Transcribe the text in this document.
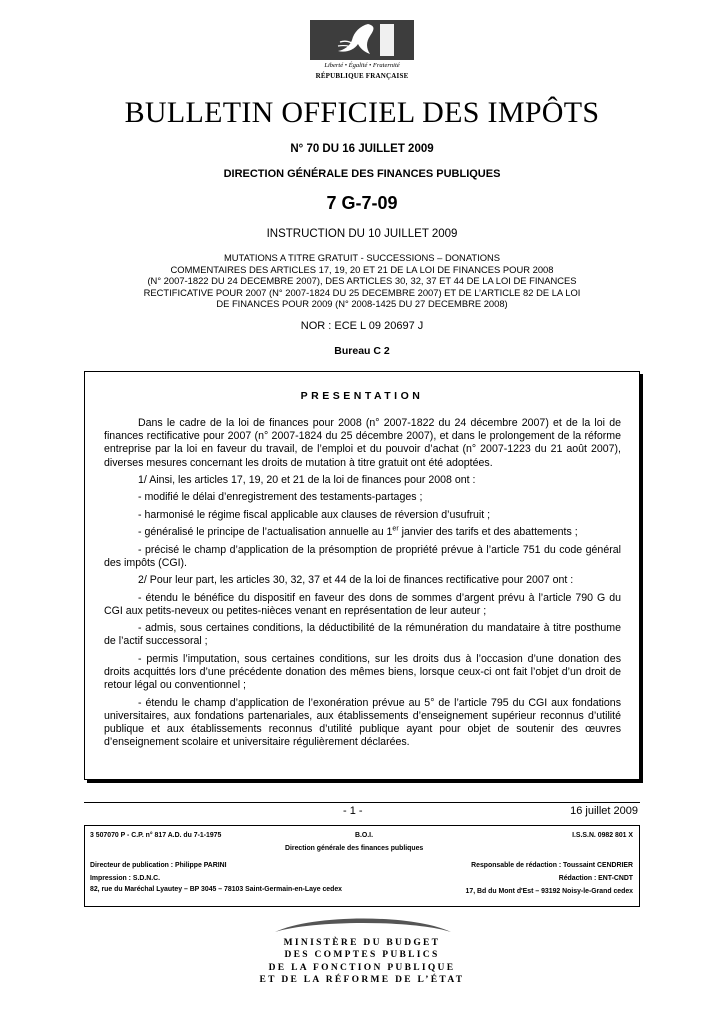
Liberté • Égalité • Fraternité
RÉPUBLIQUE FRANÇAISE
BULLETIN OFFICIEL DES IMPÔTS
N° 70 DU 16 JUILLET 2009
DIRECTION GÉNÉRALE DES FINANCES PUBLIQUES
7 G-7-09
INSTRUCTION DU 10 JUILLET 2009
MUTATIONS A TITRE GRATUIT - SUCCESSIONS – DONATIONS
COMMENTAIRES DES ARTICLES 17, 19, 20 ET 21 DE LA LOI DE FINANCES POUR 2008
(N° 2007-1822 DU 24 DECEMBRE 2007), DES ARTICLES 30, 32, 37 ET 44 DE LA LOI DE FINANCES
RECTIFICATIVE POUR 2007 (N° 2007-1824 DU 25 DECEMBRE 2007) ET DE L’ARTICLE 82 DE LA LOI
DE FINANCES POUR 2009 (N° 2008-1425 DU 27 DECEMBRE 2008)
NOR : ECE L 09 20697 J
Bureau C 2
PRESENTATION

Dans le cadre de la loi de finances pour 2008 (n° 2007-1822 du 24 décembre 2007) et de la loi de finances rectificative pour 2007 (n° 2007-1824 du 25 décembre 2007), et dans le prolongement de la réforme entreprise par la loi en faveur du travail, de l’emploi et du pouvoir d’achat (n° 2007-1223 du 21 août 2007), diverses mesures concernant les droits de mutation à titre gratuit ont été adoptées.

1/ Ainsi, les articles 17, 19, 20 et 21 de la loi de finances pour 2008 ont :

- modifié le délai d’enregistrement des testaments-partages ;

- harmonisé le régime fiscal applicable aux clauses de réversion d’usufruit ;

- généralisé le principe de l’actualisation annuelle au 1er janvier des tarifs et des abattements ;

- précisé le champ d’application de la présomption de propriété prévue à l’article 751 du code général des impôts (CGI).

2/ Pour leur part, les articles 30, 32, 37 et 44 de la loi de finances rectificative pour 2007 ont :

- étendu le bénéfice du dispositif en faveur des dons de sommes d’argent prévu à l’article 790 G du CGI aux petits-neveux ou petites-nièces venant en représentation de leur auteur ;

- admis, sous certaines conditions, la déductibilité de la rémunération du mandataire à titre posthume de l’actif successoral ;

- permis l’imputation, sous certaines conditions, sur les droits dus à l’occasion d’une donation des droits acquittés lors d’une précédente donation des mêmes biens, lorsque ceux-ci ont fait l’objet d’un droit de retour légal ou conventionnel ;

- étendu le champ d’application de l’exonération prévue au 5° de l’article 795 du CGI aux fondations universitaires, aux fondations partenariales, aux établissements d’enseignement supérieur reconnus d’utilité publique et aux établissements reconnus d’utilité publique ayant pour objet de soutenir des œuvres d’enseignement scolaire et universitaire régulièrement déclarées.

- 1 -	16 juillet 2009
3 507070 P - C.P. n° 817 A.D. du 7-1-1975	B.O.I.	I.S.S.N. 0982 801 X
Direction générale des finances publiques
Directeur de publication : Philippe PARINI	Responsable de rédaction : Toussaint CENDRIER
Impression : S.D.N.C.	Rédaction : ENT-CNDT
82, rue du Maréchal Lyautey – BP 3045 – 78103 Saint-Germain-en-Laye cedex	17, Bd du Mont d'Est – 93192 Noisy-le-Grand cedex
MINISTÈRE DU BUDGET
DES COMPTES PUBLICS
DE LA FONCTION PUBLIQUE
ET DE LA RÉFORME DE L’ÉTAT
